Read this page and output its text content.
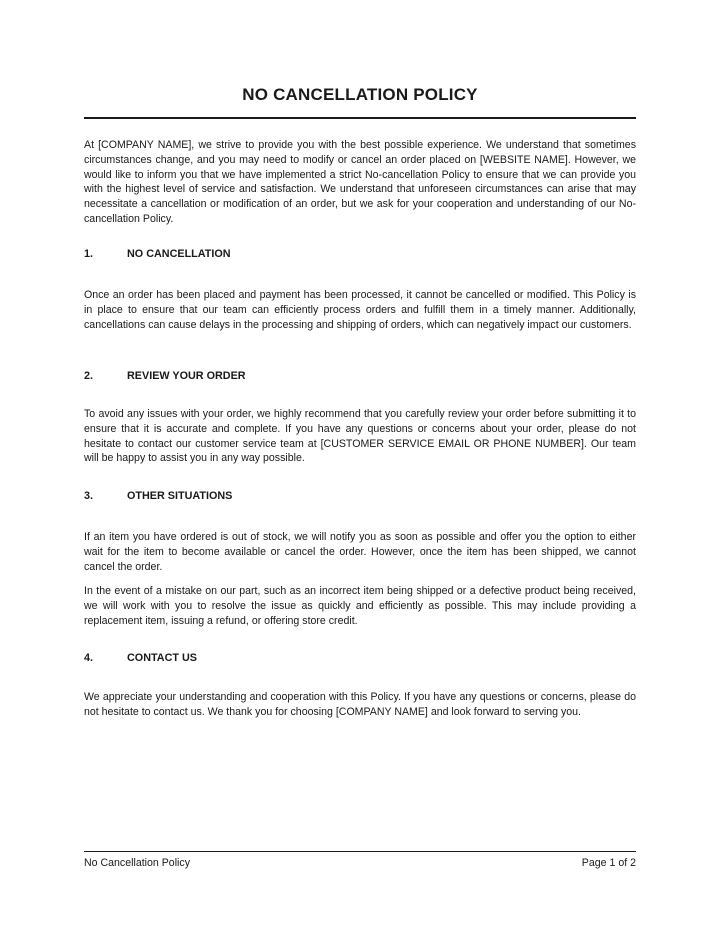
NO CANCELLATION POLICY

At [COMPANY NAME], we strive to provide you with the best possible experience. We understand that sometimes circumstances change, and you may need to modify or cancel an order placed on [WEBSITE NAME]. However, we would like to inform you that we have implemented a strict No-cancellation Policy to ensure that we can provide you with the highest level of service and satisfaction. We understand that unforeseen circumstances can arise that may necessitate a cancellation or modification of an order, but we ask for your cooperation and understanding of our No-cancellation Policy.

1.	NO CANCELLATION

Once an order has been placed and payment has been processed, it cannot be cancelled or modified. This Policy is in place to ensure that our team can efficiently process orders and fulfill them in a timely manner. Additionally, cancellations can cause delays in the processing and shipping of orders, which can negatively impact our customers.

2.	REVIEW YOUR ORDER

To avoid any issues with your order, we highly recommend that you carefully review your order before submitting it to ensure that it is accurate and complete. If you have any questions or concerns about your order, please do not hesitate to contact our customer service team at [CUSTOMER SERVICE EMAIL OR PHONE NUMBER]. Our team will be happy to assist you in any way possible.

3.	OTHER SITUATIONS

If an item you have ordered is out of stock, we will notify you as soon as possible and offer you the option to either wait for the item to become available or cancel the order. However, once the item has been shipped, we cannot cancel the order.

In the event of a mistake on our part, such as an incorrect item being shipped or a defective product being received, we will work with you to resolve the issue as quickly and efficiently as possible. This may include providing a replacement item, issuing a refund, or offering store credit.

4.	CONTACT US

We appreciate your understanding and cooperation with this Policy. If you have any questions or concerns, please do not hesitate to contact us. We thank you for choosing [COMPANY NAME] and look forward to serving you.

No Cancellation Policy	Page 1 of 2
